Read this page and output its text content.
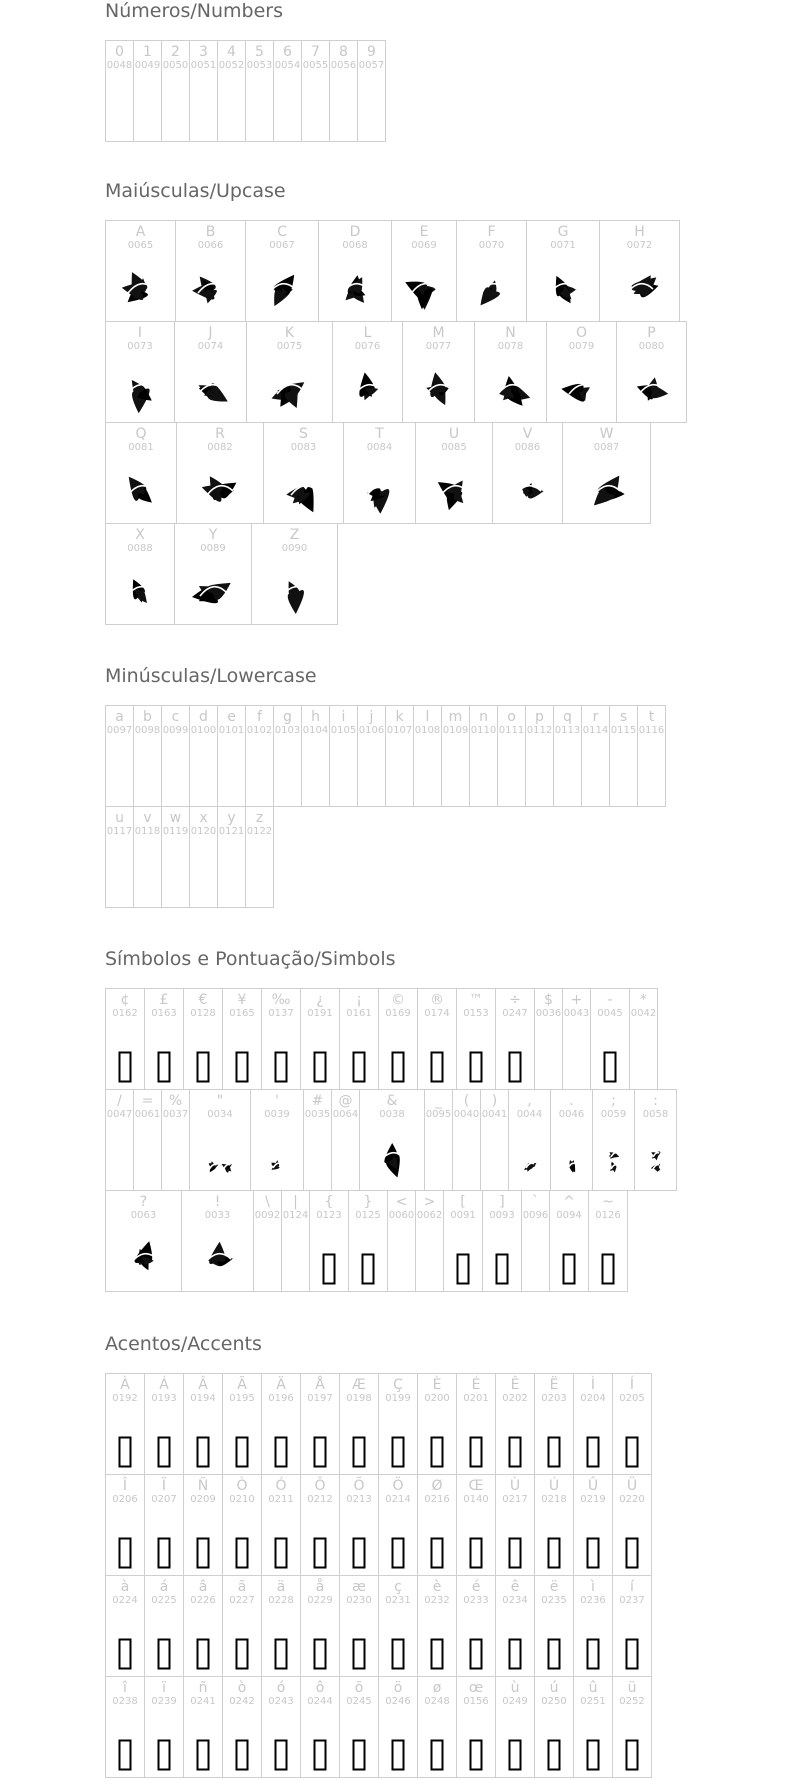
Números/Numbers
0
0048
1
0049
2
0050
3
0051
4
0052
5
0053
6
0054
7
0055
8
0056
9
0057
Maiúsculas/Upcase
A
0065
B
0066
C
0067
D
0068
E
0069
F
0070
G
0071
H
0072
I
0073
J
0074
K
0075
L
0076
M
0077
N
0078
O
0079
P
0080
Q
0081
R
0082
S
0083
T
0084
U
0085
V
0086
W
0087
X
0088
Y
0089
Z
0090
Minúsculas/Lowercase
a
0097
b
0098
c
0099
d
0100
e
0101
f
0102
g
0103
h
0104
i
0105
j
0106
k
0107
l
0108
m
0109
n
0110
o
0111
p
0112
q
0113
r
0114
s
0115
t
0116
u
0117
v
0118
w
0119
x
0120
y
0121
z
0122
Símbolos e Pontuação/Simbols
¢
0162
£
0163
€
0128
¥
0165
‰
0137
¿
0191
¡
0161
©
0169
®
0174
™
0153
÷
0247
$
0036
+
0043
-
0045
*
0042
/
0047
=
0061
%
0037
"
0034
'
0039
#
0035
@
0064
&
0038
_
0095
(
0040
)
0041
,
0044
.
0046
;
0059
:
0058
?
0063
!
0033
\
0092
|
0124
{
0123
}
0125
<
0060
>
0062
[
0091
]
0093
`
0096
^
0094
~
0126
Acentos/Accents
À
0192
Á
0193
Â
0194
Ã
0195
Ä
0196
Å
0197
Æ
0198
Ç
0199
È
0200
É
0201
Ê
0202
Ë
0203
Ì
0204
Í
0205
Î
0206
Ï
0207
Ñ
0209
Ò
0210
Ó
0211
Ô
0212
Õ
0213
Ö
0214
Ø
0216
Œ
0140
Ù
0217
Ú
0218
Û
0219
Ü
0220
à
0224
á
0225
â
0226
ã
0227
ä
0228
å
0229
æ
0230
ç
0231
è
0232
é
0233
ê
0234
ë
0235
ì
0236
í
0237
î
0238
ï
0239
ñ
0241
ò
0242
ó
0243
ô
0244
õ
0245
ö
0246
ø
0248
œ
0156
ù
0249
ú
0250
û
0251
ü
0252
